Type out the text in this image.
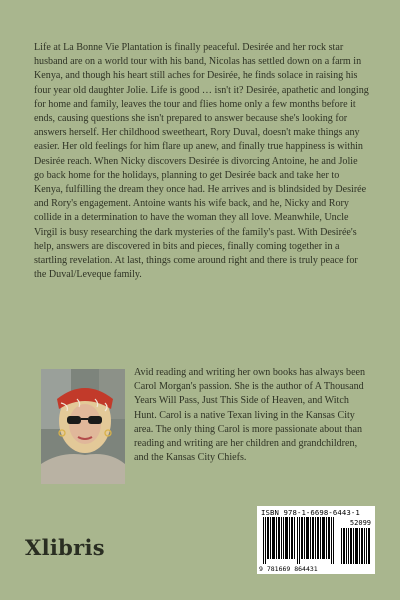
Life at La Bonne Vie Plantation is finally peaceful. Desirée and her rock star husband are on a world tour with his band, Nicolas has settled down on a farm in Kenya, and though his heart still aches for Desirée, he finds solace in raising his four year old daughter Jolie. Life is good … isn't it? Desirée, apathetic and longing for home and family, leaves the tour and flies home only a few months before it ends, causing questions she isn't prepared to answer because she's looking for answers herself. Her childhood sweetheart, Rory Duval, doesn't make things any easier. Her old feelings for him flare up anew, and finally true happiness is within Desirée reach. When Nicky discovers Desirée is divorcing Antoine, he and Jolie go back home for the holidays, planning to get Desirée back and take her to Kenya, fulfilling the dream they once had. He arrives and is blindsided by Desirée and Rory's engagement. Antoine wants his wife back, and he, Nicky and Rory collide in a determination to have the woman they all love. Meanwhile, Uncle Virgil is busy researching the dark mysteries of the family's past. With Desirée's help, answers are discovered in bits and pieces, finally coming together in a startling revelation. At last, things come around right and there is truly peace for the Duval/Leveque family.

Avid reading and writing her own books has always been Carol Morgan's passion. She is the author of A Thousand Years Will Pass, Just This Side of Heaven, and Witch Hunt. Carol is a native Texan living in the Kansas City area. The only thing Carol is more passionate about than reading and writing are her children and grandchildren, and the Kansas City Chiefs.

Xlibris
ISBN 978-1-6698-6443-1
52099
9 781669 864431
